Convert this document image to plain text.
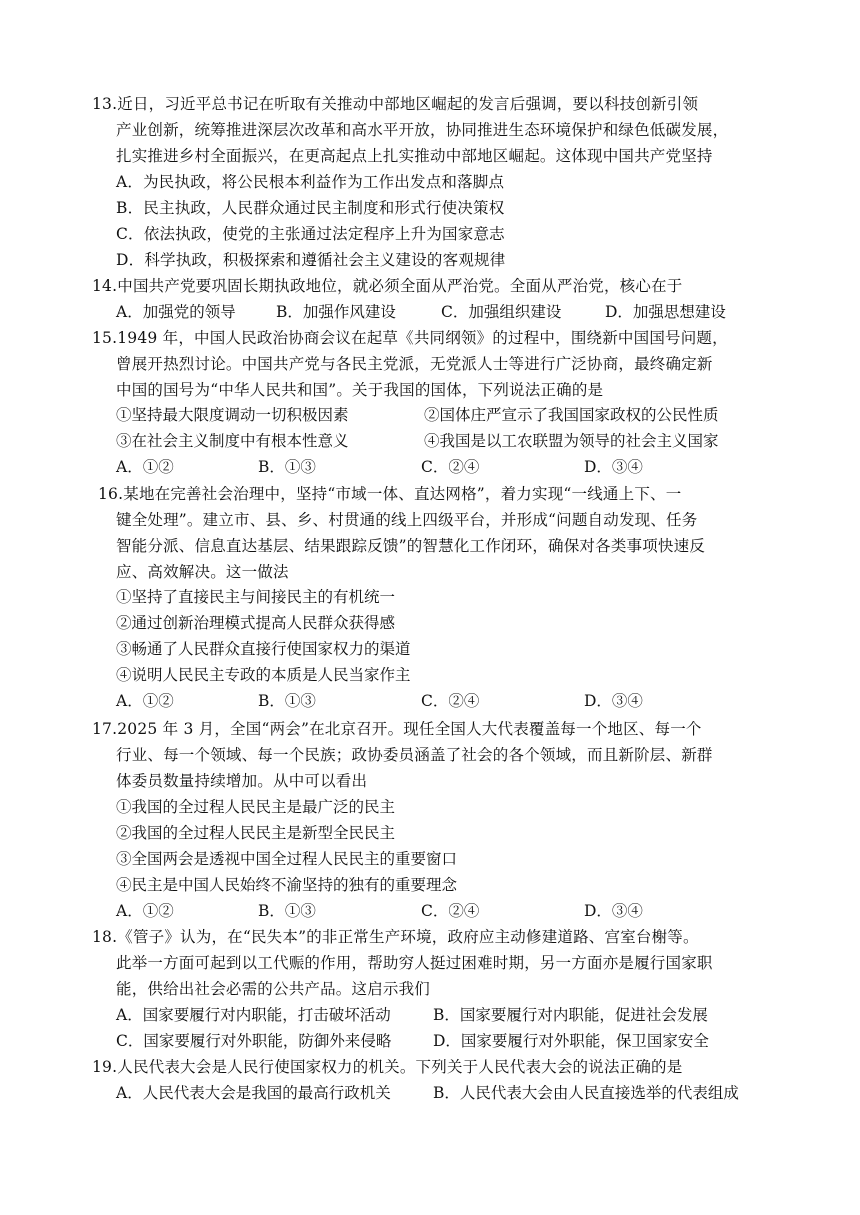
13.近日，习近平总书记在听取有关推动中部地区崛起的发言后强调，要以科技创新引领
产业创新，统筹推进深层次改革和高水平开放，协同推进生态环境保护和绿色低碳发展，
扎实推进乡村全面振兴，在更高起点上扎实推动中部地区崛起。这体现中国共产党坚持
A．为民执政，将公民根本利益作为工作出发点和落脚点
B．民主执政，人民群众通过民主制度和形式行使决策权
C．依法执政，使党的主张通过法定程序上升为国家意志
D．科学执政，积极探索和遵循社会主义建设的客观规律
14.中国共产党要巩固长期执政地位，就必须全面从严治党。全面从严治党，核心在于
A．加强党的领导	B．加强作风建设	C．加强组织建设	D．加强思想建设
15.1949 年，中国人民政治协商会议在起草《共同纲领》的过程中，围绕新中国国号问题，
曾展开热烈讨论。中国共产党与各民主党派，无党派人士等进行广泛协商，最终确定新
中国的国号为“中华人民共和国”。关于我国的国体，下列说法正确的是
①坚持最大限度调动一切积极因素	②国体庄严宣示了我国国家政权的公民性质
③在社会主义制度中有根本性意义	④我国是以工农联盟为领导的社会主义国家
A．①②	B．①③	C．②④	D．③④
16.某地在完善社会治理中，坚持“市域一体、直达网格”，着力实现“一线通上下、一
键全处理”。建立市、县、乡、村贯通的线上四级平台，并形成“问题自动发现、任务
智能分派、信息直达基层、结果跟踪反馈”的智慧化工作闭环，确保对各类事项快速反
应、高效解决。这一做法
①坚持了直接民主与间接民主的有机统一
②通过创新治理模式提高人民群众获得感
③畅通了人民群众直接行使国家权力的渠道
④说明人民民主专政的本质是人民当家作主
A．①②	B．①③	C．②④	D．③④
17.2025 年 3 月，全国“两会”在北京召开。现任全国人大代表覆盖每一个地区、每一个
行业、每一个领域、每一个民族；政协委员涵盖了社会的各个领域，而且新阶层、新群
体委员数量持续增加。从中可以看出
①我国的全过程人民民主是最广泛的民主
②我国的全过程人民民主是新型全民民主
③全国两会是透视中国全过程人民民主的重要窗口
④民主是中国人民始终不渝坚持的独有的重要理念
A．①②	B．①③	C．②④	D．③④
18.《管子》认为，在“民失本”的非正常生产环境，政府应主动修建道路、宫室台榭等。
此举一方面可起到以工代赈的作用，帮助穷人挺过困难时期，另一方面亦是履行国家职
能，供给出社会必需的公共产品。这启示我们
A．国家要履行对内职能，打击破坏活动	B．国家要履行对内职能，促进社会发展
C．国家要履行对外职能，防御外来侵略	D．国家要履行对外职能，保卫国家安全
19.人民代表大会是人民行使国家权力的机关。下列关于人民代表大会的说法正确的是
A．人民代表大会是我国的最高行政机关	B．人民代表大会由人民直接选举的代表组成
